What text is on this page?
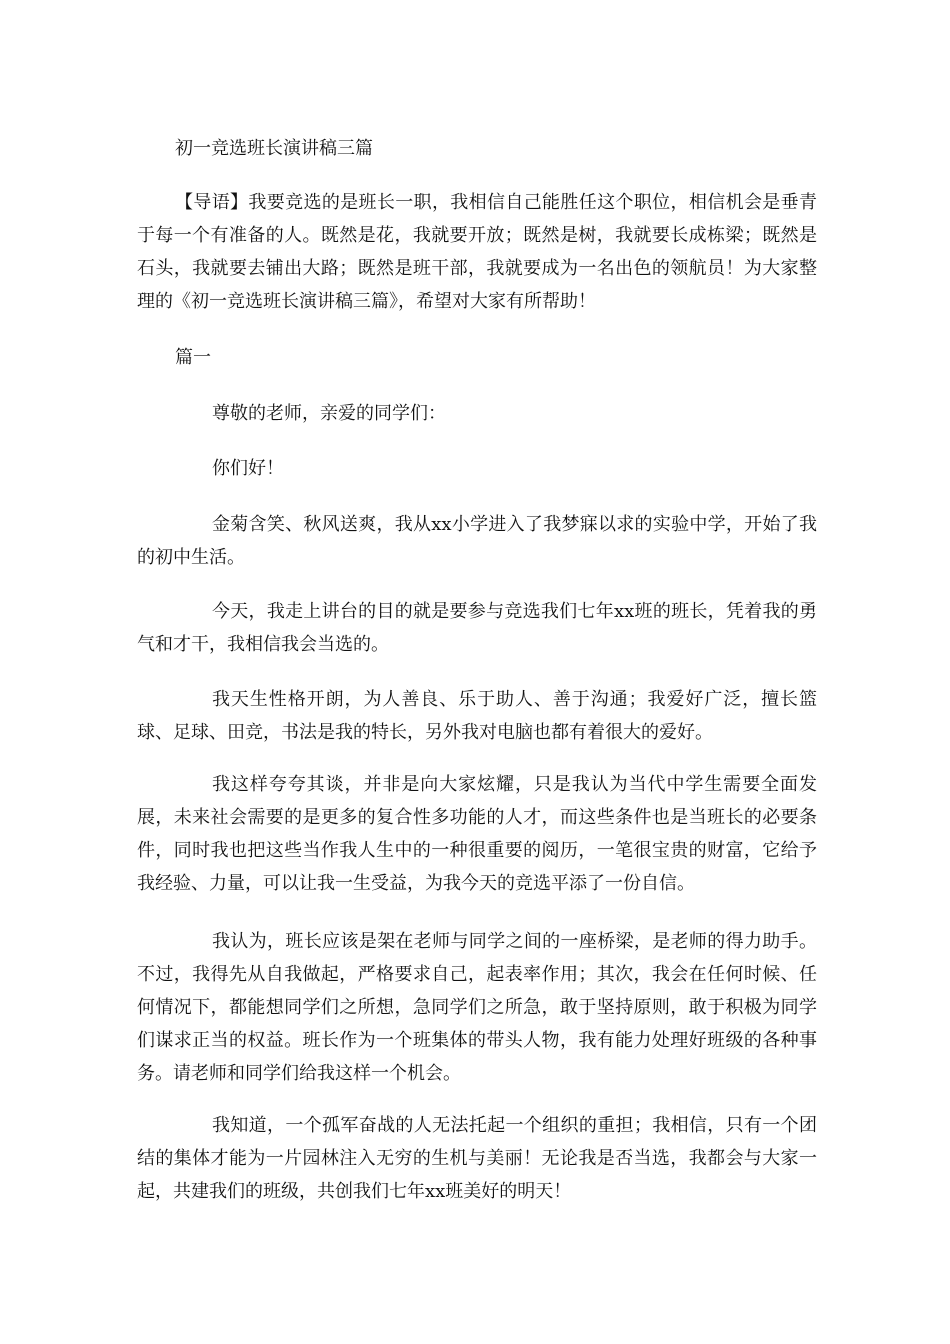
初一竞选班长演讲稿三篇
【导语】我要竞选的是班长一职，我相信自己能胜任这个职位，相信机会是垂青于每一个有准备的人。既然是花，我就要开放；既然是树，我就要长成栋梁；既然是石头，我就要去铺出大路；既然是班干部，我就要成为一名出色的领航员！为大家整理的《初一竞选班长演讲稿三篇》，希望对大家有所帮助！
篇一
尊敬的老师，亲爱的同学们：
你们好！
金菊含笑、秋风送爽，我从xx小学进入了我梦寐以求的实验中学，开始了我的初中生活。
今天，我走上讲台的目的就是要参与竞选我们七年xx班的班长，凭着我的勇气和才干，我相信我会当选的。
我天生性格开朗，为人善良、乐于助人、善于沟通；我爱好广泛，擅长篮球、足球、田竞，书法是我的特长，另外我对电脑也都有着很大的爱好。
我这样夸夸其谈，并非是向大家炫耀，只是我认为当代中学生需要全面发展，未来社会需要的是更多的复合性多功能的人才，而这些条件也是当班长的必要条件，同时我也把这些当作我人生中的一种很重要的阅历，一笔很宝贵的财富，它给予我经验、力量，可以让我一生受益，为我今天的竞选平添了一份自信。
我认为，班长应该是架在老师与同学之间的一座桥梁，是老师的得力助手。不过，我得先从自我做起，严格要求自己，起表率作用；其次，我会在任何时候、任何情况下，都能想同学们之所想，急同学们之所急，敢于坚持原则，敢于积极为同学们谋求正当的权益。班长作为一个班集体的带头人物，我有能力处理好班级的各种事务。请老师和同学们给我这样一个机会。
我知道，一个孤军奋战的人无法托起一个组织的重担；我相信，只有一个团结的集体才能为一片园林注入无穷的生机与美丽！无论我是否当选，我都会与大家一起，共建我们的班级，共创我们七年xx班美好的明天！
